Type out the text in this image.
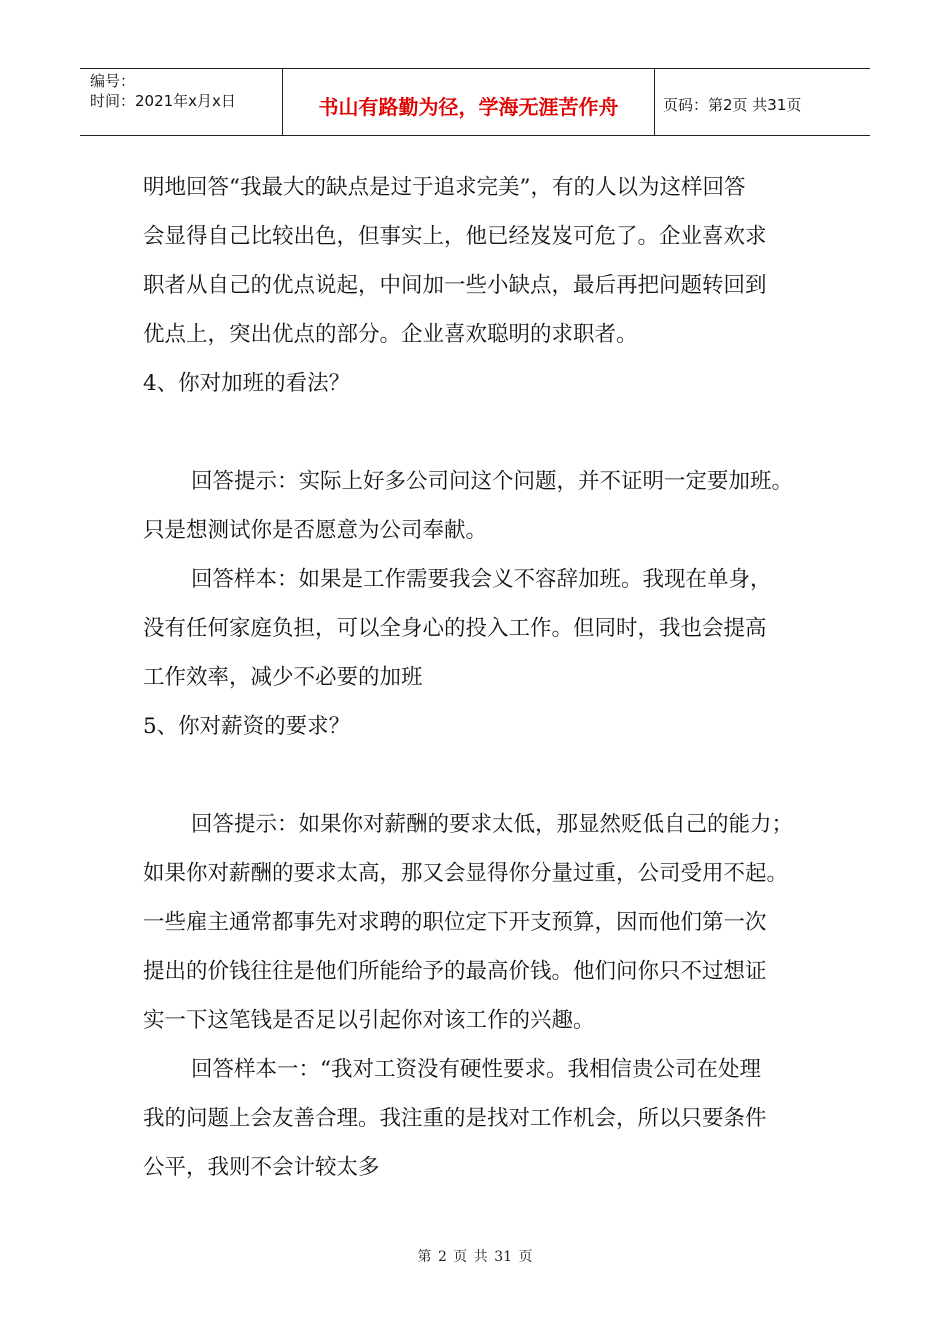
编号：
时间：2021年x月x日	书山有路勤为径，学海无涯苦作舟	页码：第2页 共31页

明地回答“我最大的缺点是过于追求完美”，有的人以为这样回答

会显得自己比较出色，但事实上，他已经岌岌可危了。企业喜欢求

职者从自己的优点说起，中间加一些小缺点，最后再把问题转回到

优点上，突出优点的部分。企业喜欢聪明的求职者。

4、你对加班的看法？

回答提示：实际上好多公司问这个问题，并不证明一定要加班。

只是想测试你是否愿意为公司奉献。

回答样本：如果是工作需要我会义不容辞加班。我现在单身，

没有任何家庭负担，可以全身心的投入工作。但同时，我也会提高

工作效率，减少不必要的加班

5、你对薪资的要求？

回答提示：如果你对薪酬的要求太低，那显然贬低自己的能力；

如果你对薪酬的要求太高，那又会显得你分量过重，公司受用不起。

一些雇主通常都事先对求聘的职位定下开支预算，因而他们第一次

提出的价钱往往是他们所能给予的最高价钱。他们问你只不过想证

实一下这笔钱是否足以引起你对该工作的兴趣。

回答样本一：“我对工资没有硬性要求。我相信贵公司在处理

我的问题上会友善合理。我注重的是找对工作机会，所以只要条件

公平，我则不会计较太多

第 2 页 共 31 页
